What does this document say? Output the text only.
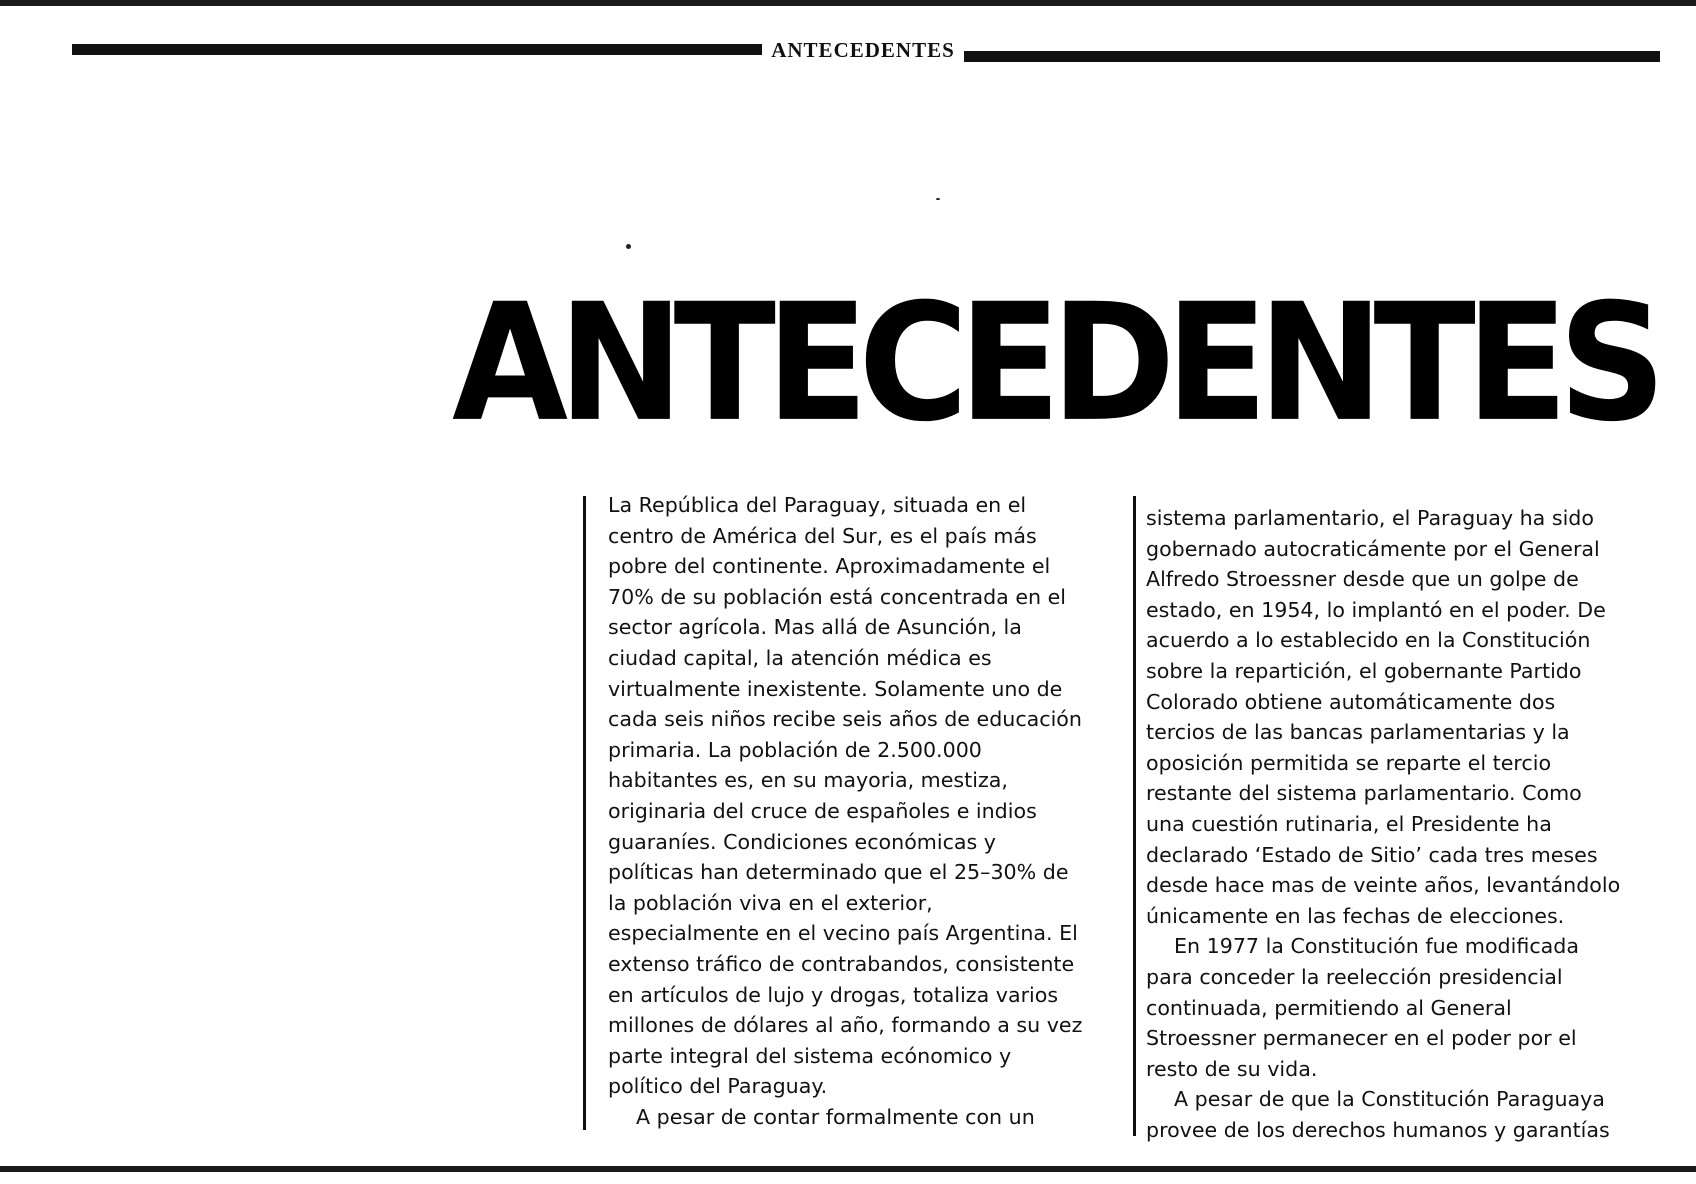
ANTECEDENTES
ANTECEDENTES

La República del Paraguay, situada en el
centro de América del Sur, es el país más
pobre del continente. Aproximadamente el
70% de su población está concentrada en el
sector agrícola. Mas allá de Asunción, la
ciudad capital, la atención médica es
virtualmente inexistente. Solamente uno de
cada seis niños recibe seis años de educación
primaria. La población de 2.500.000
habitantes es, en su mayoria, mestiza,
originaria del cruce de españoles e indios
guaraníes. Condiciones económicas y
políticas han determinado que el 25–30% de
la población viva en el exterior,
especialmente en el vecino país Argentina. El
extenso tráfico de contrabandos, consistente
en artículos de lujo y drogas, totaliza varios
millones de dólares al año, formando a su vez
parte integral del sistema ecónomico y
político del Paraguay.

A pesar de contar formalmente con un

sistema parlamentario, el Paraguay ha sido
gobernado autocraticámente por el General
Alfredo Stroessner desde que un golpe de
estado, en 1954, lo implantó en el poder. De
acuerdo a lo establecido en la Constitución
sobre la repartición, el gobernante Partido
Colorado obtiene automáticamente dos
tercios de las bancas parlamentarias y la
oposición permitida se reparte el tercio
restante del sistema parlamentario. Como
una cuestión rutinaria, el Presidente ha
declarado ‘Estado de Sitio’ cada tres meses
desde hace mas de veinte años, levantándolo
únicamente en las fechas de elecciones.

En 1977 la Constitución fue modificada
para conceder la reelección presidencial
continuada, permitiendo al General
Stroessner permanecer en el poder por el
resto de su vida.

A pesar de que la Constitución Paraguaya
provee de los derechos humanos y garantías
